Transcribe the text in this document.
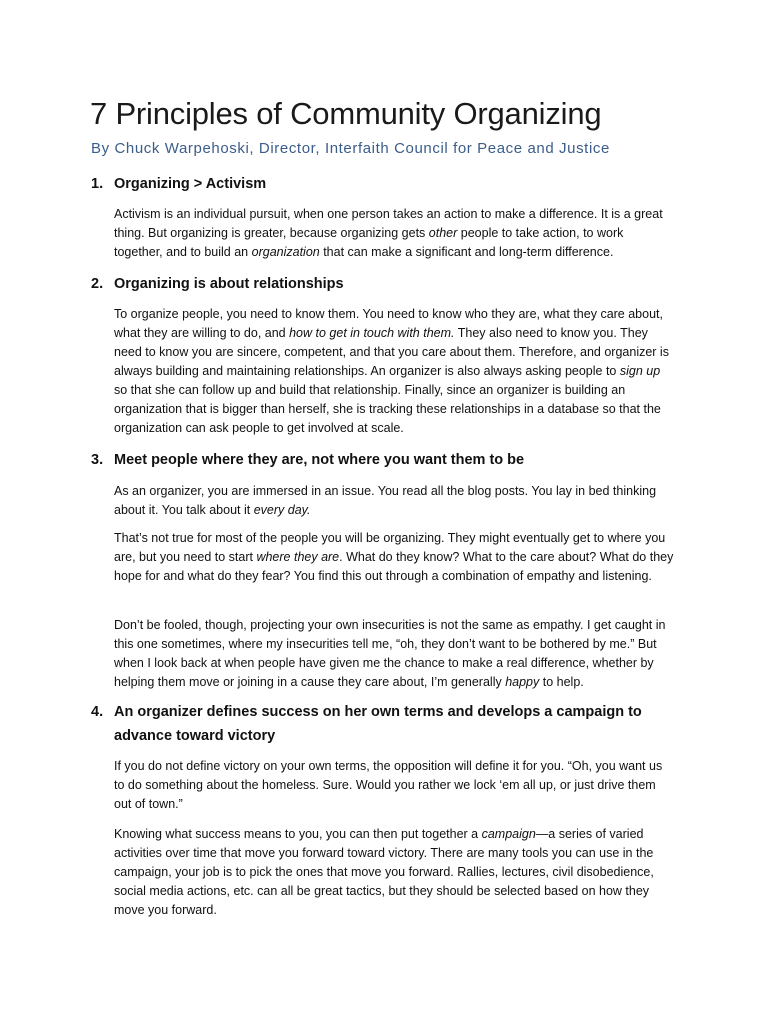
7 Principles of Community Organizing
By Chuck Warpehoski, Director, Interfaith Council for Peace and Justice
1. Organizing > Activism
Activism is an individual pursuit, when one person takes an action to make a difference. It is a great thing. But organizing is greater, because organizing gets other people to take action, to work together, and to build an organization that can make a significant and long-term difference.
2. Organizing is about relationships
To organize people, you need to know them. You need to know who they are, what they care about, what they are willing to do, and how to get in touch with them. They also need to know you. They need to know you are sincere, competent, and that you care about them. Therefore, and organizer is always building and maintaining relationships. An organizer is also always asking people to sign up so that she can follow up and build that relationship. Finally, since an organizer is building an organization that is bigger than herself, she is tracking these relationships in a database so that the organization can ask people to get involved at scale.
3. Meet people where they are, not where you want them to be
As an organizer, you are immersed in an issue. You read all the blog posts. You lay in bed thinking about it. You talk about it every day.
That’s not true for most of the people you will be organizing. They might eventually get to where you are, but you need to start where they are. What do they know? What to the care about? What do they hope for and what do they fear? You find this out through a combination of empathy and listening.
Don’t be fooled, though, projecting your own insecurities is not the same as empathy. I get caught in this one sometimes, where my insecurities tell me, “oh, they don’t want to be bothered by me.” But when I look back at when people have given me the chance to make a real difference, whether by helping them move or joining in a cause they care about, I’m generally happy to help.
4. An organizer defines success on her own terms and develops a campaign to advance toward victory
If you do not define victory on your own terms, the opposition will define it for you. “Oh, you want us to do something about the homeless. Sure. Would you rather we lock ‘em all up, or just drive them out of town.”
Knowing what success means to you, you can then put together a campaign—a series of varied activities over time that move you forward toward victory. There are many tools you can use in the campaign, your job is to pick the ones that move you forward. Rallies, lectures, civil disobedience, social media actions, etc. can all be great tactics, but they should be selected based on how they move you forward.
